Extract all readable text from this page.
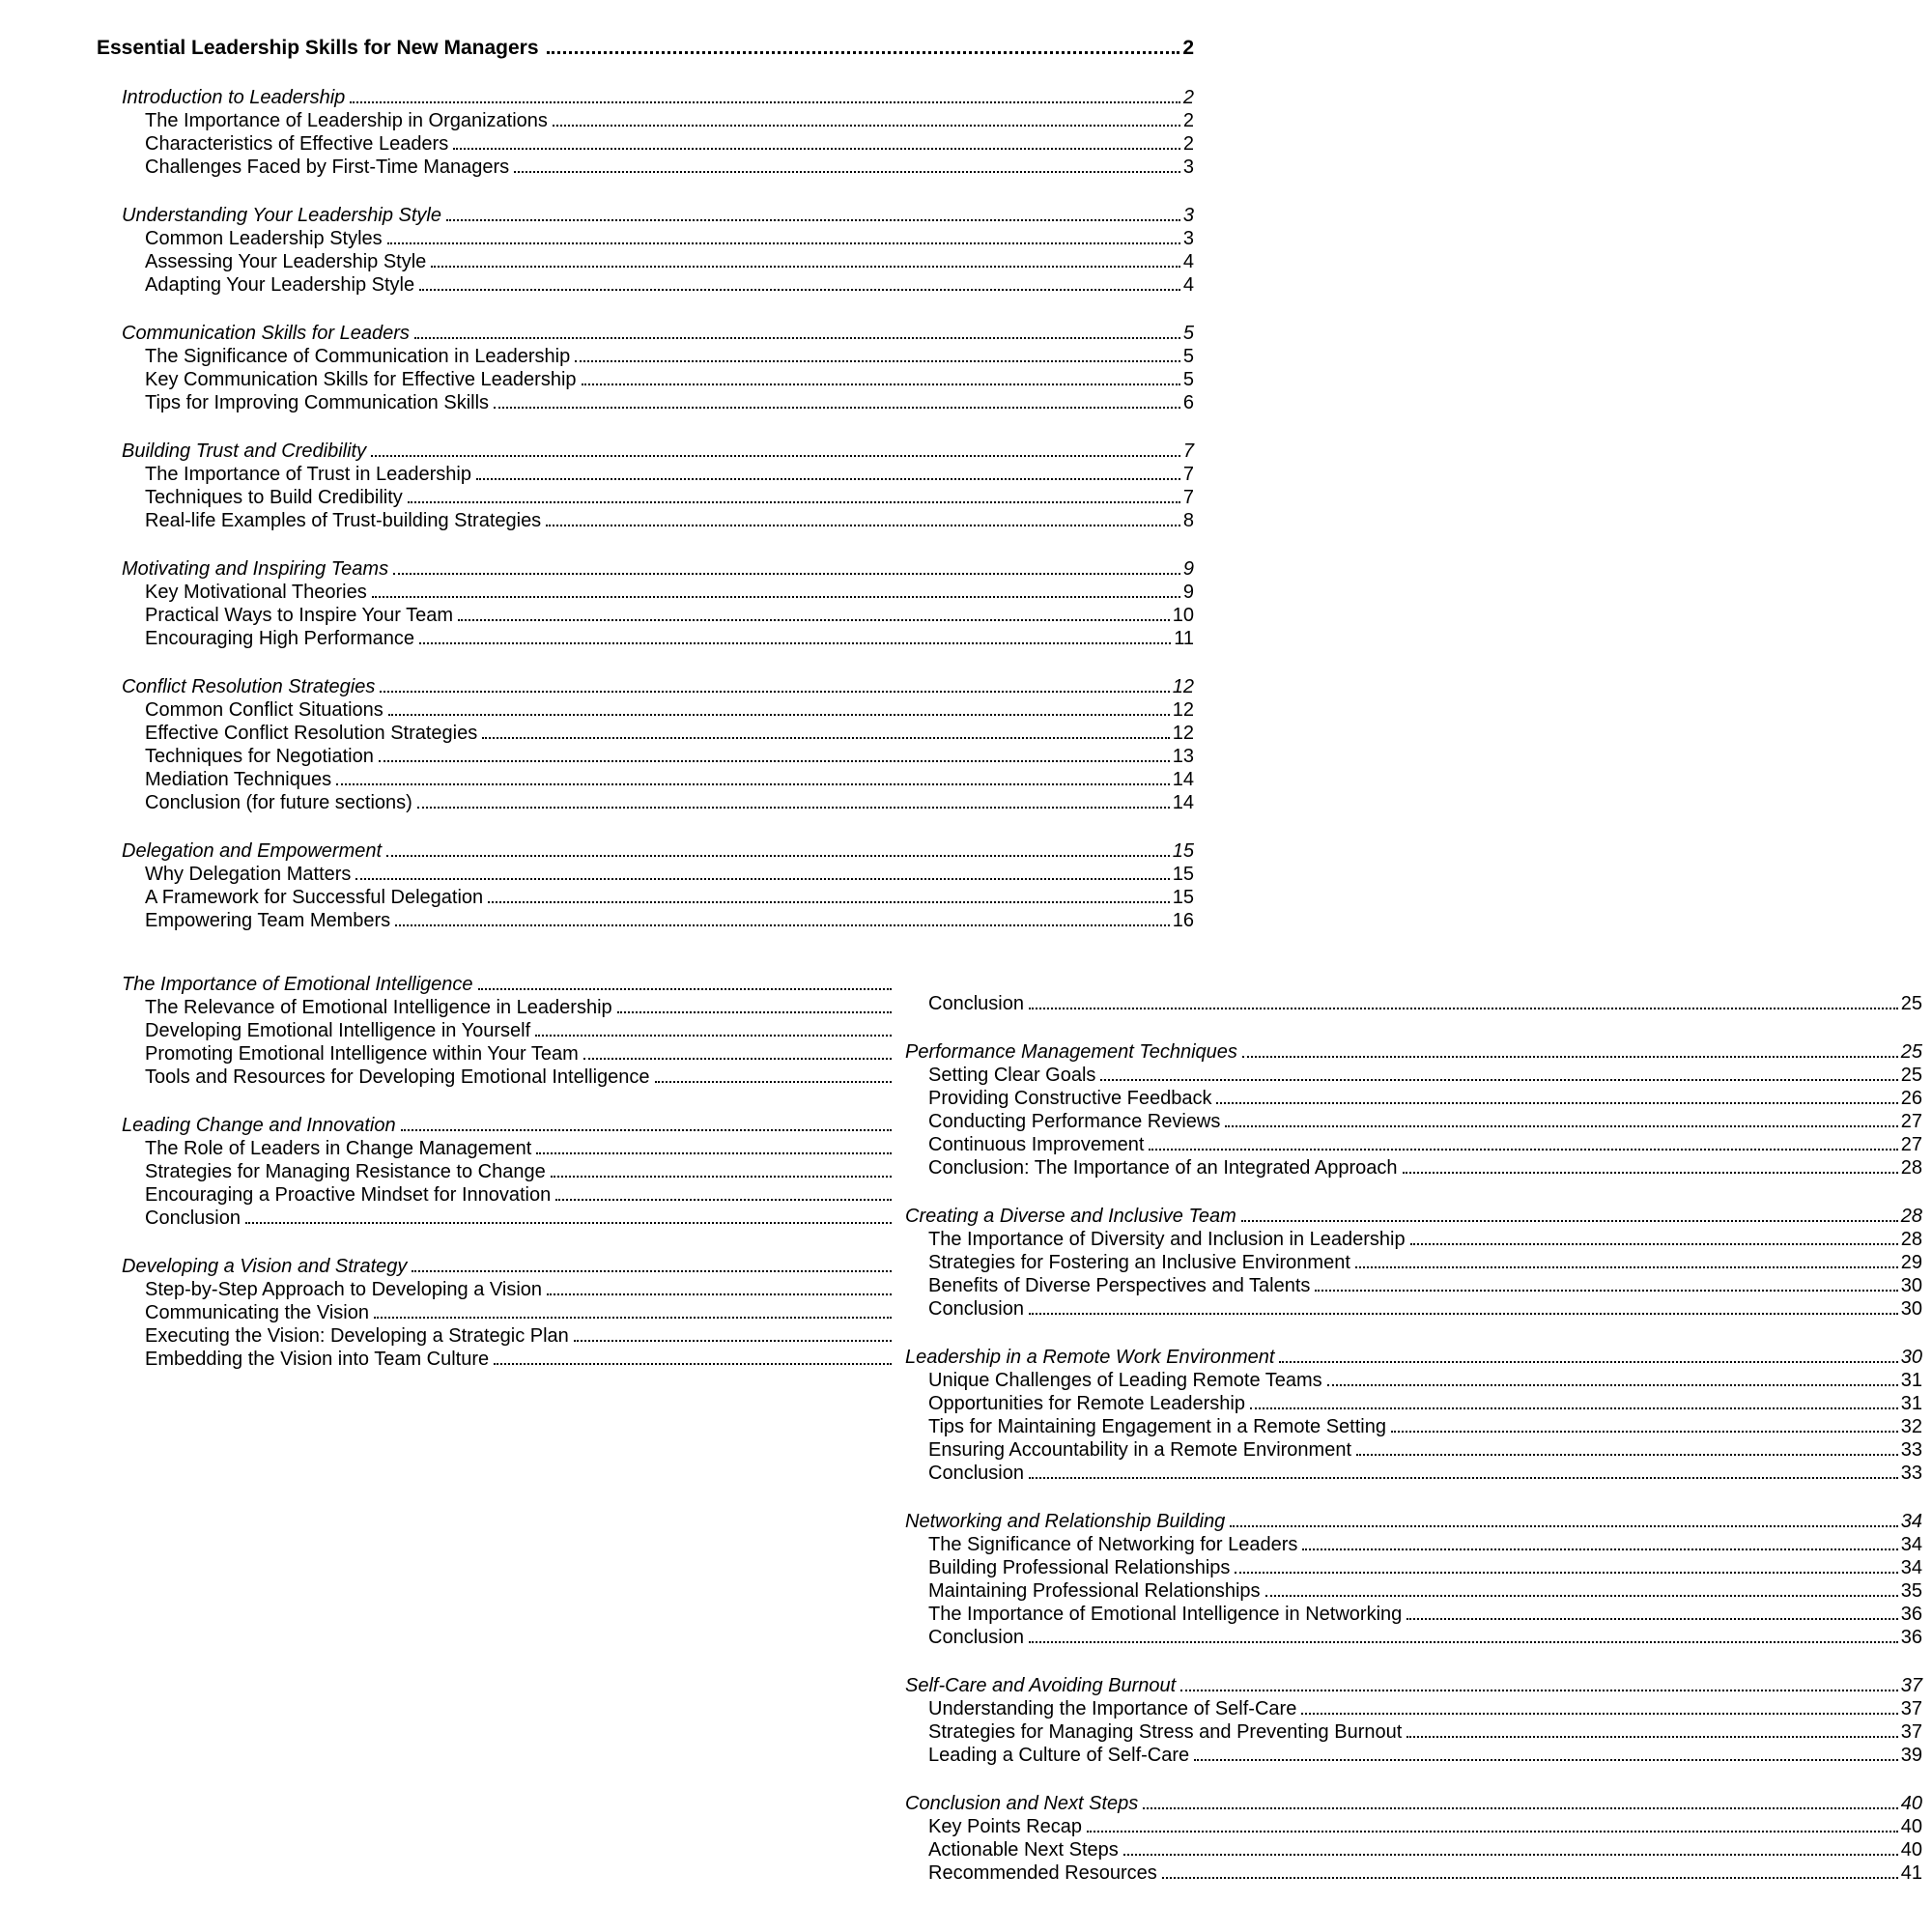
Essential Leadership Skills for New Managers	2
Introduction to Leadership	2
The Importance of Leadership in Organizations	2
Characteristics of Effective Leaders	2
Challenges Faced by First-Time Managers	3
Understanding Your Leadership Style	3
Common Leadership Styles	3
Assessing Your Leadership Style	4
Adapting Your Leadership Style	4
Communication Skills for Leaders	5
The Significance of Communication in Leadership	5
Key Communication Skills for Effective Leadership	5
Tips for Improving Communication Skills	6
Building Trust and Credibility	7
The Importance of Trust in Leadership	7
Techniques to Build Credibility	7
Real-life Examples of Trust-building Strategies	8
Motivating and Inspiring Teams	9
Key Motivational Theories	9
Practical Ways to Inspire Your Team	10
Encouraging High Performance	11
Conflict Resolution Strategies	12
Common Conflict Situations	12
Effective Conflict Resolution Strategies	12
Techniques for Negotiation	13
Mediation Techniques	14
Conclusion (for future sections)	14
Delegation and Empowerment	15
Why Delegation Matters	15
A Framework for Successful Delegation	15
Empowering Team Members	16
The Importance of Emotional Intelligence
The Relevance of Emotional Intelligence in Leadership
Developing Emotional Intelligence in Yourself
Promoting Emotional Intelligence within Your Team
Tools and Resources for Developing Emotional Intelligence
Leading Change and Innovation
The Role of Leaders in Change Management
Strategies for Managing Resistance to Change
Encouraging a Proactive Mindset for Innovation
Conclusion
Developing a Vision and Strategy
Step-by-Step Approach to Developing a Vision
Communicating the Vision
Executing the Vision: Developing a Strategic Plan
Embedding the Vision into Team Culture
Conclusion	25
Performance Management Techniques	25
Setting Clear Goals	25
Providing Constructive Feedback	26
Conducting Performance Reviews	27
Continuous Improvement	27
Conclusion: The Importance of an Integrated Approach	28
Creating a Diverse and Inclusive Team	28
The Importance of Diversity and Inclusion in Leadership	28
Strategies for Fostering an Inclusive Environment	29
Benefits of Diverse Perspectives and Talents	30
Conclusion	30
Leadership in a Remote Work Environment	30
Unique Challenges of Leading Remote Teams	31
Opportunities for Remote Leadership	31
Tips for Maintaining Engagement in a Remote Setting	32
Ensuring Accountability in a Remote Environment	33
Conclusion	33
Networking and Relationship Building	34
The Significance of Networking for Leaders	34
Building Professional Relationships	34
Maintaining Professional Relationships	35
The Importance of Emotional Intelligence in Networking	36
Conclusion	36
Self-Care and Avoiding Burnout	37
Understanding the Importance of Self-Care	37
Strategies for Managing Stress and Preventing Burnout	37
Leading a Culture of Self-Care	39
Conclusion and Next Steps	40
Key Points Recap	40
Actionable Next Steps	40
Recommended Resources	41
